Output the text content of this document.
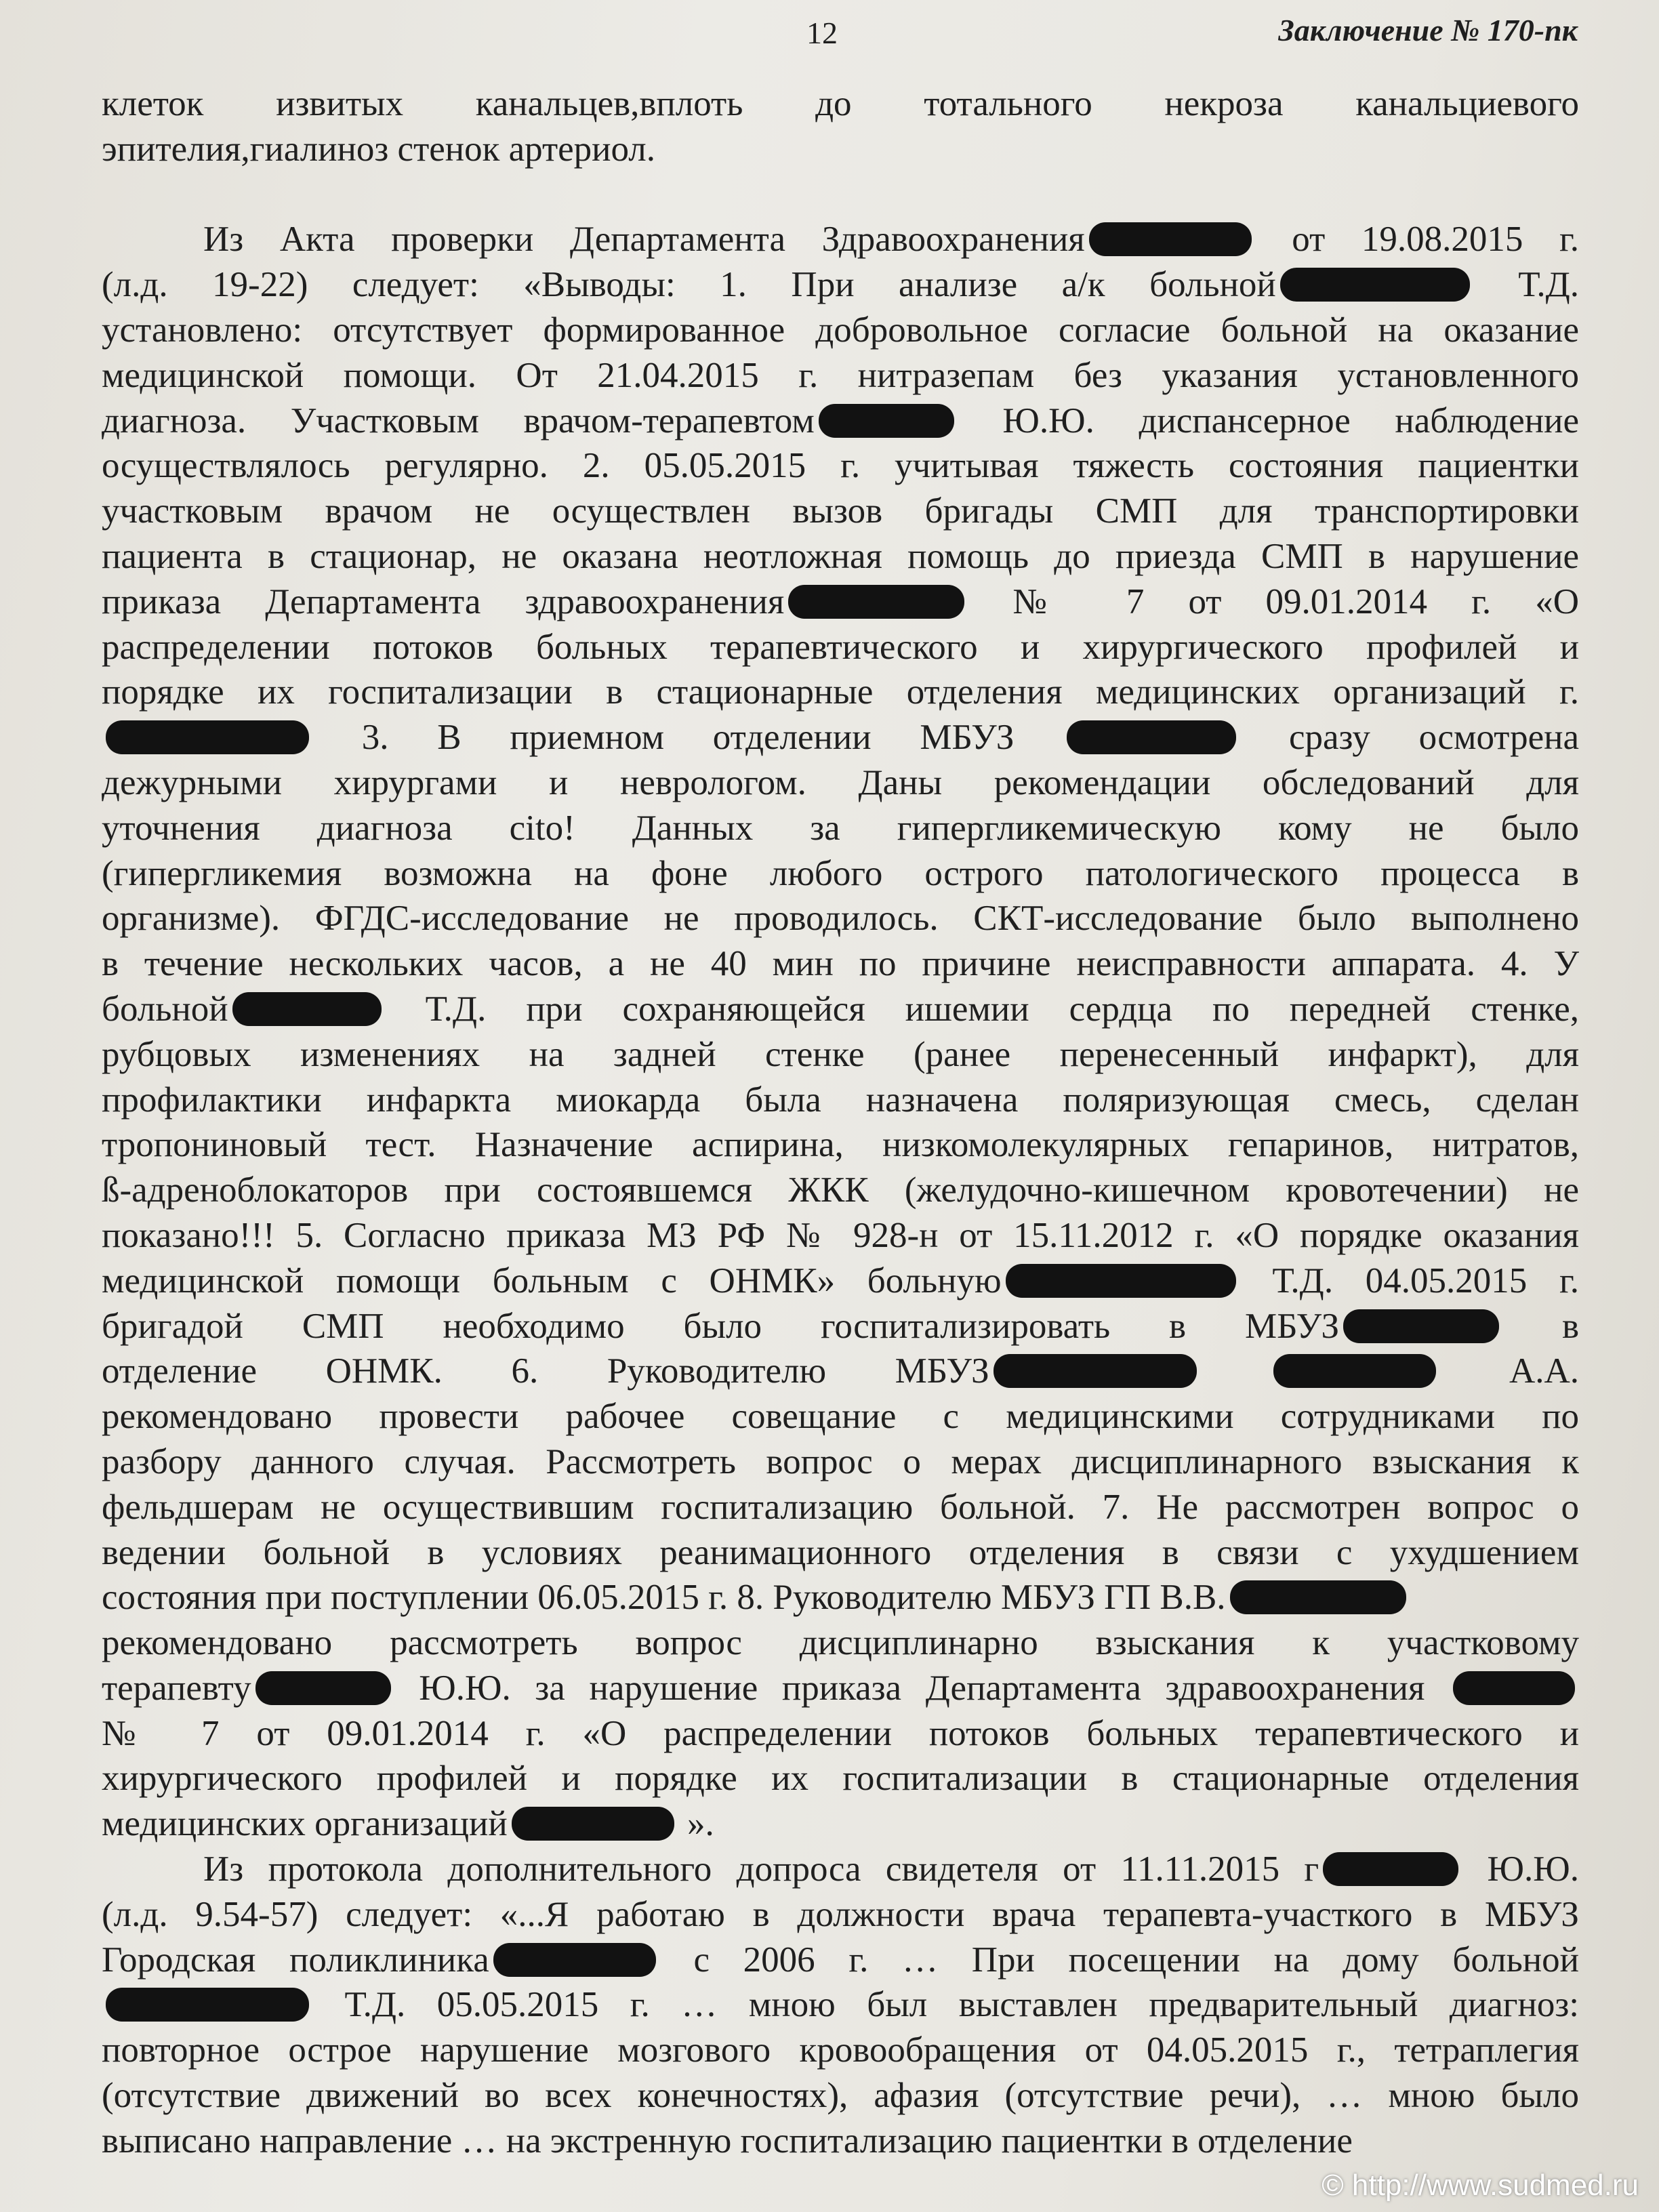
12	Заключение № 170-пк
клеток извитых канальцев,вплоть до тотального некроза канальциевого
эпителия,гиалиноз стенок артериол.
Из Акта проверки Департамента Здравоохранения	от 19.08.2015 г.
(л.д. 19-22) следует: «Выводы: 1. При анализе а/к больной	Т.Д.
установлено: отсутствует формированное добровольное согласие больной на оказание
медицинской помощи. От 21.04.2015 г. нитразепам без указания установленного
диагноза. Участковым врачом-терапевтом	Ю.Ю. диспансерное наблюдение
осуществлялось регулярно. 2. 05.05.2015 г. учитывая тяжесть состояния пациентки
участковым врачом не осуществлен вызов бригады СМП для транспортировки
пациента в стационар, не оказана неотложная помощь до приезда СМП в нарушение
приказа Департамента здравоохранения	№ 7 от 09.01.2014 г. «О
распределении потоков больных терапевтического и хирургического профилей и
порядке их госпитализации в стационарные отделения медицинских организаций г.
3. В приемном отделении МБУЗ	сразу осмотрена
дежурными хирургами и неврологом. Даны рекомендации обследований для
уточнения диагноза cito! Данных за гипергликемическую кому не было
(гипергликемия возможна на фоне любого острого патологического процесса в
организме). ФГДС-исследование не проводилось. СКТ-исследование было выполнено
в течение нескольких часов, а не 40 мин по причине неисправности аппарата. 4. У
больной	Т.Д. при сохраняющейся ишемии сердца по передней стенке,
рубцовых изменениях на задней стенке (ранее перенесенный инфаркт), для
профилактики инфаркта миокарда была назначена поляризующая смесь, сделан
тропониновый тест. Назначение аспирина, низкомолекулярных гепаринов, нитратов,
ß-адреноблокаторов при состоявшемся ЖКК (желудочно-кишечном кровотечении) не
показано!!! 5. Согласно приказа МЗ РФ № 928-н от 15.11.2012 г. «О порядке оказания
медицинской помощи больным с ОНМК» больную	Т.Д. 04.05.2015 г.
бригадой СМП необходимо было госпитализировать в МБУЗ	в
отделение ОНМК. 6. Руководителю МБУЗ	А.А.
рекомендовано провести рабочее совещание с медицинскими сотрудниками по
разбору данного случая. Рассмотреть вопрос о мерах дисциплинарного взыскания к
фельдшерам не осуществившим госпитализацию больной. 7. Не рассмотрен вопрос о
ведении больной в условиях реанимационного отделения в связи с ухудшением
состояния при поступлении 06.05.2015 г. 8. Руководителю МБУЗ ГП В.В.
рекомендовано рассмотреть вопрос дисциплинарно взыскания к участковому
терапевту	Ю.Ю. за нарушение приказа Департамента здравоохранения
№ 7 от 09.01.2014 г. «О распределении потоков больных терапевтического и
хирургического профилей и порядке их госпитализации в стационарные отделения
медицинских организаций	».
Из протокола дополнительного допроса свидетеля от 11.11.2015 г	Ю.Ю.
(л.д. 9.54-57) следует: «...Я работаю в должности врача терапевта-участкого в МБУЗ
Городская поликлиника	с 2006 г. … При посещении на дому больной
Т.Д. 05.05.2015 г. … мною был выставлен предварительный диагноз:
повторное острое нарушение мозгового кровообращения от 04.05.2015 г., тетраплегия
(отсутствие движений во всех конечностях), афазия (отсутствие речи), … мною было
выписано направление … на экстренную госпитализацию пациентки в отделение
© http://www.sudmed.ru
